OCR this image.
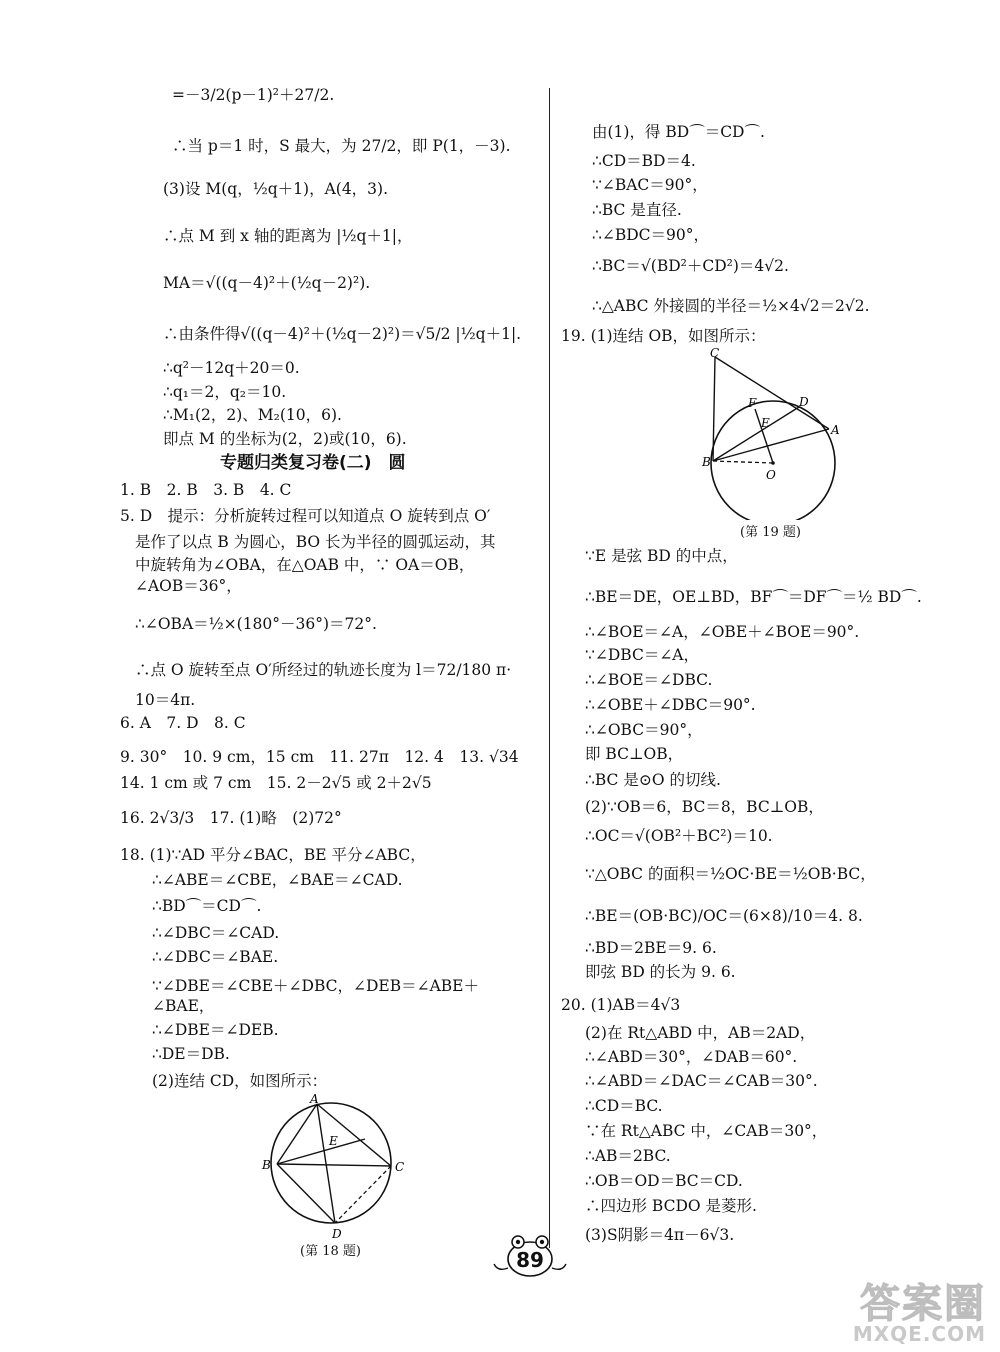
=－3/2(p－1)²＋27/2.
∴当 p＝1 时，S 最大，为 27/2，即 P(1，－3).
(3)设 M(q，½q＋1)，A(4，3).
∴点 M 到 x 轴的距离为 |½q＋1|，
MA＝√((q－4)²＋(½q－2)²).
∴由条件得√((q－4)²＋(½q－2)²)＝√5/2 |½q＋1|.
∴q²－12q＋20＝0.
∴q₁＝2，q₂＝10.
∴M₁(2，2)、M₂(10，6).
即点 M 的坐标为(2，2)或(10，6).
专题归类复习卷(二)　圆
1. B　2. B　3. B　4. C
5. D　提示：分析旋转过程可以知道点 O 旋转到点 O′
是作了以点 B 为圆心，BO 长为半径的圆弧运动，其
中旋转角为∠OBA，在△OAB 中，∵ OA＝OB，
∠AOB＝36°，
∴∠OBA＝½×(180°－36°)＝72°.
∴点 O 旋转至点 O′所经过的轨迹长度为 l＝72/180 π·
10＝4π.
6. A　7. D　8. C
9. 30°　10. 9 cm，15 cm　11. 27π　12. 4　13. √34
14. 1 cm 或 7 cm　15. 2－2√5 或 2＋2√5
16. 2√3/3　17. (1)略　(2)72°
18. (1)∵AD 平分∠BAC，BE 平分∠ABC，
∴∠ABE＝∠CBE，∠BAE＝∠CAD.
∴BD⌒＝CD⌒.
∴∠DBC＝∠CAD.
∴∠DBC＝∠BAE.
∵∠DBE＝∠CBE＋∠DBC，∠DEB＝∠ABE＋
∠BAE，
∴∠DBE＝∠DEB.
∴DE＝DB.
(2)连结 CD，如图所示：
A
B	C
D
E
(第 18 题)
由(1)，得 BD⌒＝CD⌒.
∴CD＝BD＝4.
∵∠BAC＝90°，
∴BC 是直径.
∴∠BDC＝90°，
∴BC＝√(BD²＋CD²)＝4√2.
∴△ABC 外接圆的半径＝½×4√2＝2√2.
19. (1)连结 OB，如图所示：
∵E 是弦 BD 的中点，
∴BE＝DE，OE⊥BD，BF⌒＝DF⌒＝½ BD⌒.
∴∠BOE＝∠A，∠OBE＋∠BOE＝90°.
∵∠DBC＝∠A，
∴∠BOE＝∠DBC.
∴∠OBE＋∠DBC＝90°.
∴∠OBC＝90°，
即 BC⊥OB，
∴BC 是⊙O 的切线.
(2)∵OB＝6，BC＝8，BC⊥OB，
∴OC＝√(OB²＋BC²)＝10.
∵△OBC 的面积＝½OC·BE＝½OB·BC，
∴BE＝(OB·BC)/OC＝(6×8)/10＝4. 8.
∴BD＝2BE＝9. 6.
即弦 BD 的长为 9. 6.
20. (1)AB＝4√3
(2)在 Rt△ABD 中，AB＝2AD，
∴∠ABD＝30°，∠DAB＝60°.
∴∠ABD＝∠DAC＝∠CAB＝30°.
∴CD＝BC.
∵在 Rt△ABC 中，∠CAB＝30°，
∴AB＝2BC.
∴OB＝OD＝BC＝CD.
∴四边形 BCDO 是菱形.
(3)S阴影＝4π－6√3.
C
F	D
E	A
B
O
(第 19 题)
89
答案圈
MXQE.COM
